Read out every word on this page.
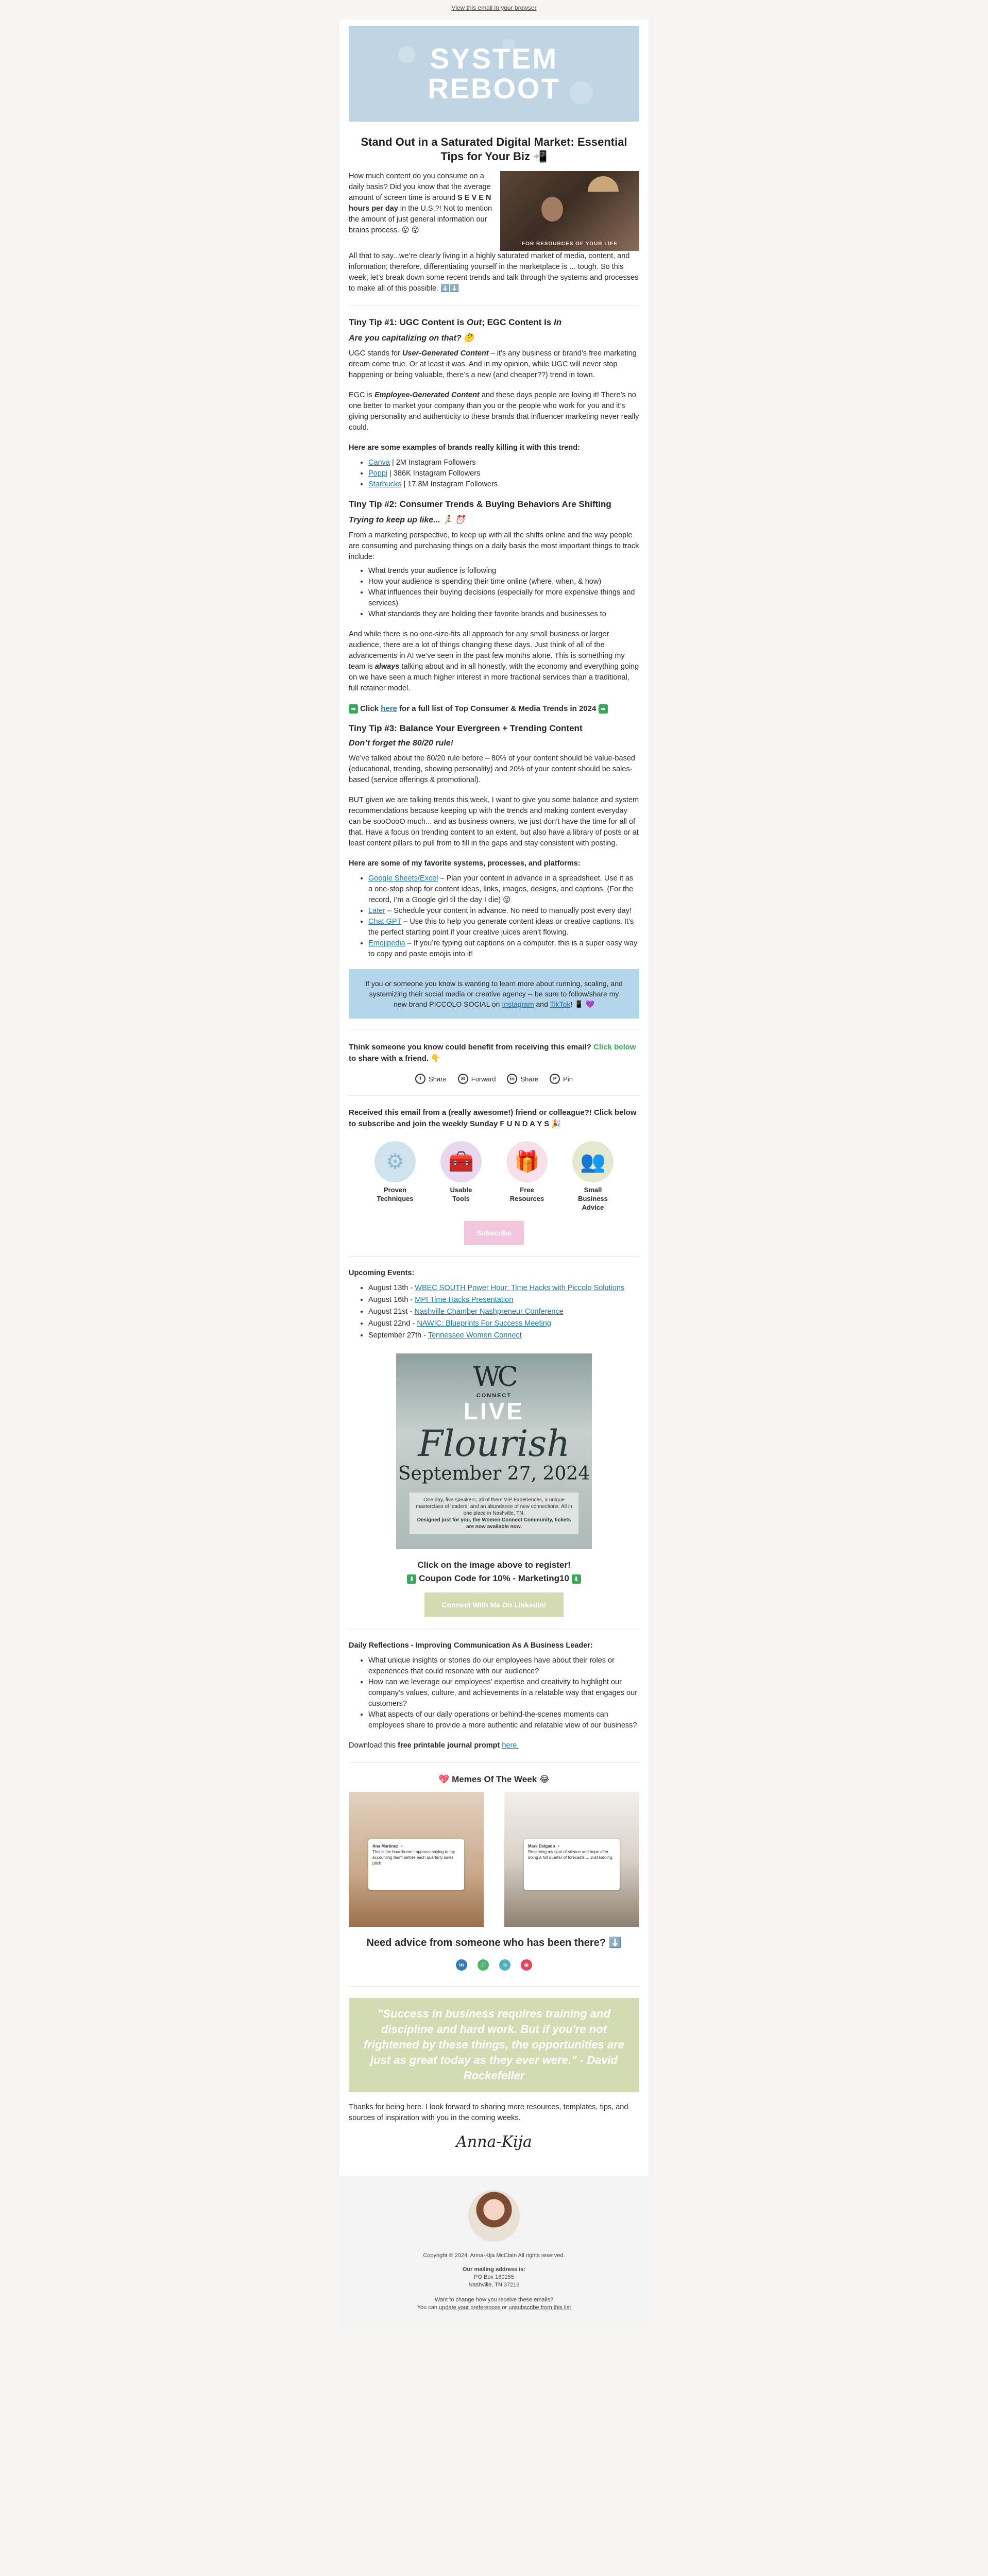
View this email in your browser
SYSTEM
REBOOT
Stand Out in a Saturated Digital Market: Essential Tips for Your Biz 📲

How much content do you consume on a daily basis? Did you know that the average amount of screen time is around S E V E N hours per day in the U.S.?! Not to mention the amount of just general information our brains process. 😵 😵

FOR RESOURCES OF YOUR LIFE

All that to say...we’re clearly living in a highly saturated market of media, content, and information; therefore, differentiating yourself in the marketplace is ... tough. So this week, let’s break down some recent trends and talk through the systems and processes to make all of this possible. ⬇️⬇️

Tiny Tip #1: UGC Content is Out; EGC Content Is In
Are you capitalizing on that? 🤔

UGC stands for User-Generated Content – it’s any business or brand’s free marketing dream come true. Or at least it was. And in my opinion, while UGC will never stop happening or being valuable, there’s a new (and cheaper??) trend in town.

EGC is Employee-Generated Content and these days people are loving it! There’s no one better to market your company than you or the people who work for you and it’s giving personality and authenticity to these brands that influencer marketing never really could.

Here are some examples of brands really killing it with this trend:

• Canva | 2M Instagram Followers
• Poppi | 386K Instagram Followers
• Starbucks | 17.8M Instagram Followers
Tiny Tip #2: Consumer Trends & Buying Behaviors Are Shifting
Trying to keep up like... 🏃 ⏰

From a marketing perspective, to keep up with all the shifts online and the way people are consuming and purchasing things on a daily basis the most important things to track include:

• What trends your audience is following
• How your audience is spending their time online (where, when, & how)
• What influences their buying decisions (especially for more expensive things and services)
• What standards they are holding their favorite brands and businesses to

And while there is no one-size-fits all approach for any small business or larger audience, there are a lot of things changing these days. Just think of all of the advancements in AI we’ve seen in the past few months alone. This is something my team is always talking about and in all honestly, with the economy and everything going on we have seen a much higher interest in more fractional services than a traditional, full retainer model.

➡ Click here for a full list of Top Consumer & Media Trends in 2024 ➡

Tiny Tip #3: Balance Your Evergreen + Trending Content
Don’t forget the 80/20 rule!

We’ve talked about the 80/20 rule before – 80% of your content should be value-based (educational, trending, showing personality) and 20% of your content should be sales-based (service offerings & promotional).

BUT given we are talking trends this week, I want to give you some balance and system recommendations because keeping up with the trends and making content everyday can be sooOooO much... and as business owners, we just don’t have the time for all of that. Have a focus on trending content to an extent, but also have a library of posts or at least content pillars to pull from to fill in the gaps and stay consistent with posting.

Here are some of my favorite systems, processes, and platforms:

• Google Sheets/Excel – Plan your content in advance in a spreadsheet. Use it as a one-stop shop for content ideas, links, images, designs, and captions. (For the record, I’m a Google girl til the day I die) 😜
• Later – Schedule your content in advance. No need to manually post every day!
• Chat GPT – Use this to help you generate content ideas or creative captions. It’s the perfect starting point if your creative juices aren’t flowing.
• Emojipedia – If you’re typing out captions on a computer, this is a super easy way to copy and paste emojis into it!
If you or someone you know is wanting to learn more about running, scaling, and systemizing their social media or creative agency -- be sure to follow/share my new brand PICCOLO SOCIAL on Instagram and TikTok! 📱 💜
Think someone you know could benefit from receiving this email? Click below to share with a friend. 👇
f	Share	✉ Forward	in Share	P Pin
Received this email from a (really awesome!) friend or colleague?! Click below to subscribe and join the weekly Sunday F U N D A Y S 🎉
⚙
Proven
Techniques
🧰
Usable
Tools
🎁
Free
Resources
👥
Small Business
Advice
Subscribe

Upcoming Events:

• August 13th - WBEC SOUTH Power Hour: Time Hacks with Piccolo Solutions
• August 16th - MPI Time Hacks Presentation
• August 21st - Nashville Chamber Nashpreneur Conference
• August 22nd - NAWIC: Blueprints For Success Meeting
• September 27th - Tennessee Women Connect
WC
CONNECT
LIVE
Flourish
September 27, 2024
One day, five speakers, all of them VIP Experiences, a unique masterclass of leaders, and an abundance of new connections. All in one place in Nashville, TN.
Designed just for you, the Women Connect Community, tickets are now available now.
Click on the image above to register!
⬇ Coupon Code for 10% - Marketing10 ⬇
Connect With Me On LinkedIn!

Daily Reflections - Improving Communication As A Business Leader:

• What unique insights or stories do our employees have about their roles or experiences that could resonate with our audience?
• How can we leverage our employees’ expertise and creativity to highlight our company’s values, culture, and achievements in a relatable way that engages our customers?
• What aspects of our daily operations or behind-the-scenes moments can employees share to provide a more authentic and relatable view of our business?

Download this free printable journal prompt here.

💖 Memes Of The Week 😂
Ana Martinez 🔹
This is the boardroom I approve saying to my accounting team before each quarterly sales pitch.
Mark Delgado 🔹
Reserving my spot of silence and hope after doing a full quarter of forecasts ... Just kidding.
Need advice from someone who has been there? ⬇️
in	🔗	◎	◉
"Success in business requires training and discipline and hard work. But if you're not frightened by these things, the opportunities are just as great today as they ever were." - David Rockefeller

Thanks for being here. I look forward to sharing more resources, templates, tips, and sources of inspiration with you in the coming weeks.

Anna-Kija
Copyright © 2024, Anna-Kija McClain All rights reserved.
Our mailing address is:
PO Box 160155
Nashville, TN 37216
Want to change how you receive these emails?
You can update your preferences or unsubscribe from this list
